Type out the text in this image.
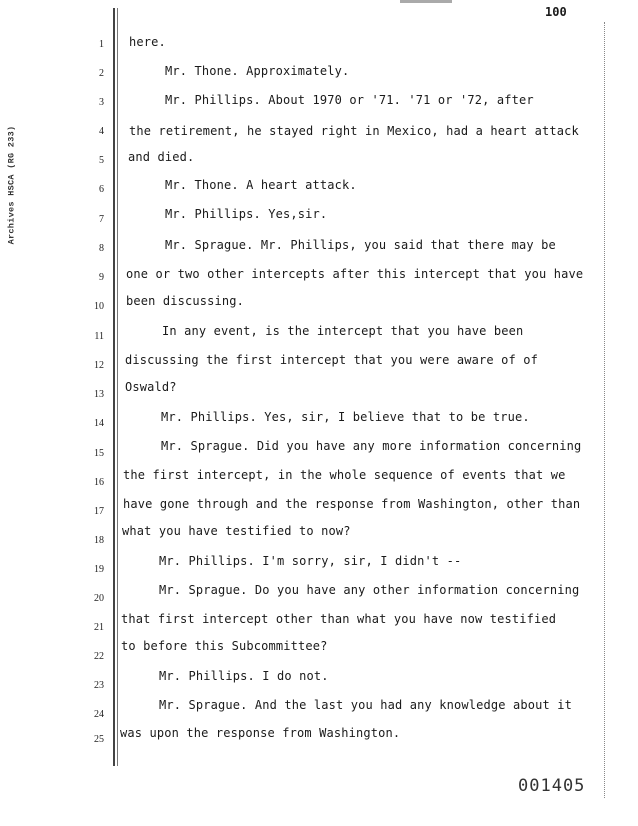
Archives HSCA (RG 233)
100
1 here.
2	Mr. Thone. Approximately.
3	Mr. Phillips. About 1970 or '71. '71 or '72, after
4 the retirement, he stayed right in Mexico, had a heart attack
5 and died.
6	Mr. Thone. A heart attack.
7	Mr. Phillips. Yes,sir.
8	Mr. Sprague. Mr. Phillips, you said that there may be
9 one or two other intercepts after this intercept that you have
10 been discussing.
11	In any event, is the intercept that you have been
12 discussing the first intercept that you were aware of of
13
Oswald?
14	Mr. Phillips. Yes, sir, I believe that to be true.
15
Mr. Sprague. Did you have any more information concerning
16
the first intercept, in the whole sequence of events that we
17
have gone through and the response from Washington, other than
18
what you have testified to now?
19
Mr. Phillips. I'm sorry, sir, I didn't --
20
Mr. Sprague. Do you have any other information concerning
21
that first intercept other than what you have now testified
22
to before this Subcommittee?
23
Mr. Phillips. I do not.
24
Mr. Sprague. And the last you had any knowledge about it
25 was upon the response from Washington.
001405
